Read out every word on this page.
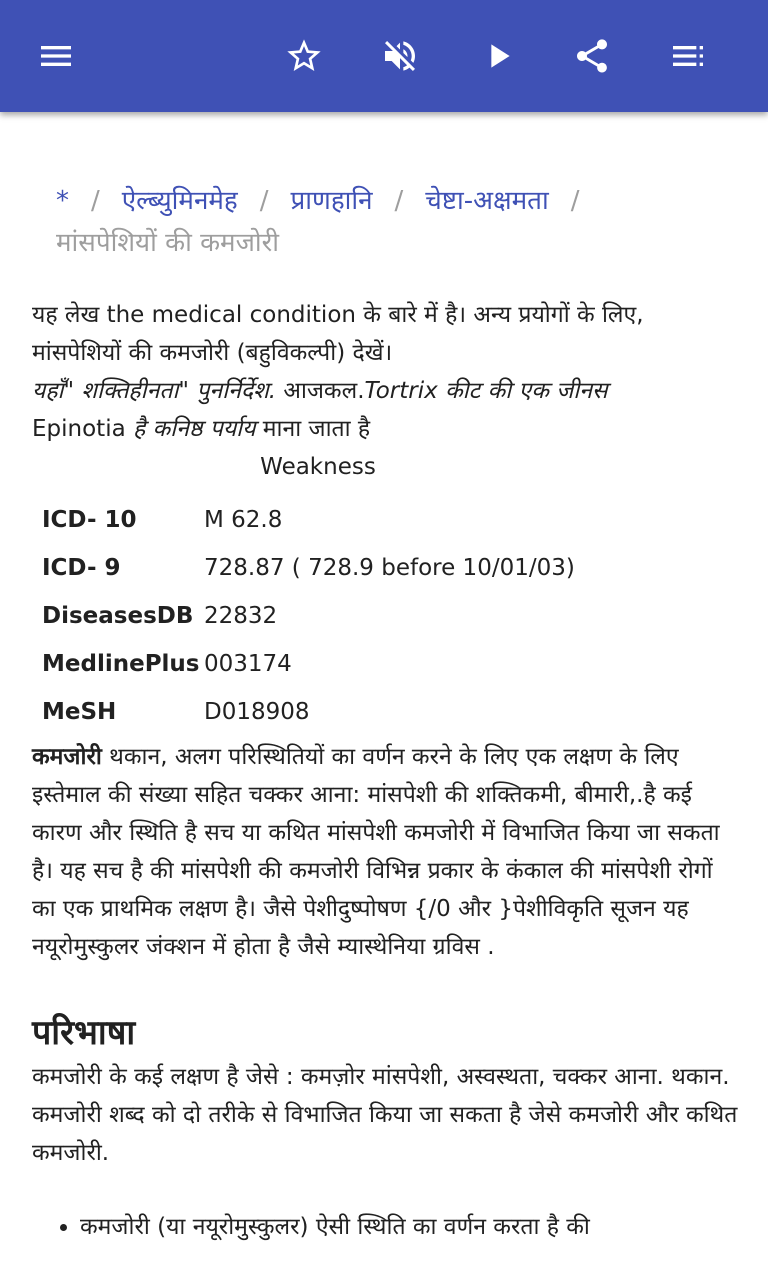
* / ऐल्ब्युमिनमेह / प्राणहानि / चेष्टा-अक्षमता /
मांसपेशियों की कमजोरी

यह लेख the medical condition के बारे में है। अन्य प्रयोगों के लिए,
मांसपेशियों की कमजोरी (बहुविकल्पी) देखें।
यहाँ" शक्तिहीनता" पुनर्निर्देश. आजकल.Tortrix कीट की एक जीनस
Epinotia है कनिष्ठ पर्याय माना जाता है

Weakness
ICD- 10	M 62.8
ICD- 9	728.87 ( 728.9 before 10/01/03)
DiseasesDB	22832
MedlinePlus	003174
MeSH	D018908

कमजोरी थकान, अलग परिस्थितियों का वर्णन करने के लिए एक लक्षण के लिए इस्तेमाल की संख्या सहित चक्कर आना: मांसपेशी की शक्तिकमी, बीमारी,.है कई कारण और स्थिति है सच या कथित मांसपेशी कमजोरी में विभाजित किया जा सकता है। यह सच है की मांसपेशी की कमजोरी विभिन्न प्रकार के कंकाल की मांसपेशी रोगों का एक प्राथमिक लक्षण है। जैसे पेशीदुष्पोषण {/0 और }पेशीविकृति सूजन यह नयूरोमुस्कुलर जंक्शन में होता है जैसे म्यास्थेनिया ग्रविस .

परिभाषा

कमजोरी के कई लक्षण है जेसे : कमज़ोर मांसपेशी, अस्वस्थता, चक्कर आना. थकान. कमजोरी शब्द को दो तरीके से विभाजित किया जा सकता है जेसे कमजोरी और कथित कमजोरी.

• कमजोरी (या नयूरोमुस्कुलर) ऐसी स्थिति का वर्णन करता है की
